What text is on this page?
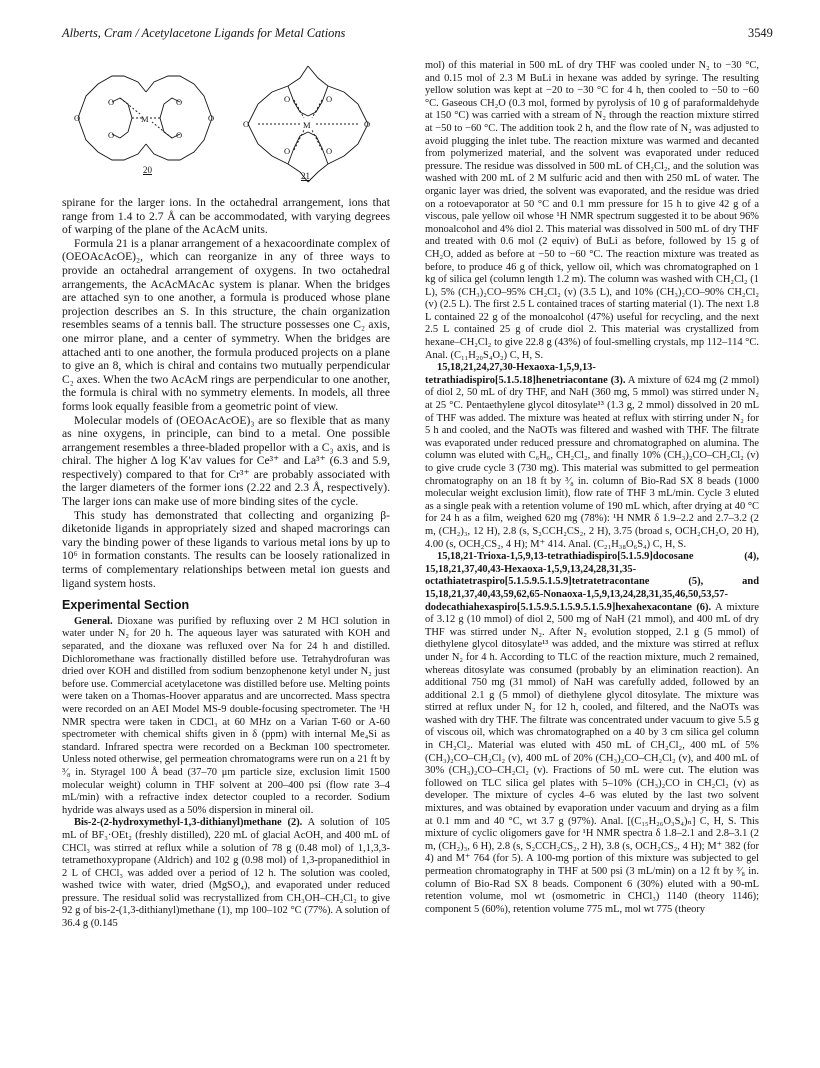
Alberts, Cram / Acetylacetone Ligands for Metal Cations	3549
O	O
O	O
O	O
M	O	O
O	O
O	O
M
20
21

spirane for the larger ions. In the octahedral arrangement, ions that range from 1.4 to 2.7 Å can be accommodated, with varying degrees of warping of the plane of the AcAcM units.

Formula 21 is a planar arrangement of a hexacoordinate complex of (OEOAcAcOE)₂, which can reorganize in any of three ways to provide an octahedral arrangement of oxygens. In two octahedral arrangements, the AcAcMAcAc system is planar. When the bridges are attached syn to one another, a formula is produced whose plane projection describes an S. In this structure, the chain organization resembles seams of a tennis ball. The structure possesses one C₂ axis, one mirror plane, and a center of symmetry. When the bridges are attached anti to one another, the formula produced projects on a plane to give an 8, which is chiral and contains two mutually perpendicular C₂ axes. When the two AcAcM rings are perpendicular to one another, the formula is chiral with no symmetry elements. In models, all three forms look equally feasible from a geometric point of view.

Molecular models of (OEOAcAcOE)₃ are so flexible that as many as nine oxygens, in principle, can bind to a metal. One possible arrangement resembles a three-bladed propellor with a C₃ axis, and is chiral. The higher Δ log K′av values for Ce³⁺ and La³⁺ (6.3 and 5.9, respectively) compared to that for Cr³⁺ are probably associated with the larger diameters of the former ions (2.22 and 2.3 Å, respectively). The larger ions can make use of more binding sites of the cycle.

This study has demonstrated that collecting and organizing β-diketonide ligands in appropriately sized and shaped macrorings can vary the binding power of these ligands to various metal ions by up to 10⁶ in formation constants. The results can be loosely rationalized in terms of complementary relationships between metal ion guests and ligand system hosts.

Experimental Section

General. Dioxane was purified by refluxing over 2 M HCl solution in water under N₂ for 20 h. The aqueous layer was saturated with KOH and separated, and the dioxane was refluxed over Na for 24 h and distilled. Dichloromethane was fractionally distilled before use. Tetrahydrofuran was dried over KOH and distilled from sodium benzophenone ketyl under N₂ just before use. Commercial acetylacetone was distilled before use. Melting points were taken on a Thomas-Hoover apparatus and are uncorrected. Mass spectra were recorded on an AEI Model MS-9 double-focusing spectrometer. The ¹H NMR spectra were taken in CDCl₃ at 60 MHz on a Varian T-60 or A-60 spectrometer with chemical shifts given in δ (ppm) with internal Me₄Si as standard. Infrared spectra were recorded on a Beckman 100 spectrometer. Unless noted otherwise, gel permeation chromatograms were run on a 21 ft by ³⁄₈ in. Styragel 100 Å bead (37–70 μm particle size, exclusion limit 1500 molecular weight) column in THF solvent at 200–400 psi (flow rate 3–4 mL/min) with a refractive index detector coupled to a recorder. Sodium hydride was always used as a 50% dispersion in mineral oil.

Bis-2-(2-hydroxymethyl-1,3-dithianyl)methane (2). A solution of 105 mL of BF₃·OEt₂ (freshly distilled), 220 mL of glacial AcOH, and 400 mL of CHCl₃ was stirred at reflux while a solution of 78 g (0.48 mol) of 1,1,3,3-tetramethoxypropane (Aldrich) and 102 g (0.98 mol) of 1,3-propanedithiol in 2 L of CHCl₃ was added over a period of 12 h. The solution was cooled, washed twice with water, dried (MgSO₄), and evaporated under reduced pressure. The residual solid was recrystallized from CH₃OH–CH₂Cl₂ to give 92 g of bis-2-(1,3-dithianyl)methane (1), mp 100–102 °C (77%). A solution of 36.4 g (0.145

mol) of this material in 500 mL of dry THF was cooled under N₂ to −30 °C, and 0.15 mol of 2.3 M BuLi in hexane was added by syringe. The resulting yellow solution was kept at −20 to −30 °C for 4 h, then cooled to −50 to −60 °C. Gaseous CH₂O (0.3 mol, formed by pyrolysis of 10 g of paraformaldehyde at 150 °C) was carried with a stream of N₂ through the reaction mixture stirred at −50 to −60 °C. The addition took 2 h, and the flow rate of N₂ was adjusted to avoid plugging the inlet tube. The reaction mixture was warmed and decanted from polymerized material, and the solvent was evaporated under reduced pressure. The residue was dissolved in 500 mL of CH₂Cl₂, and the solution was washed with 200 mL of 2 M sulfuric acid and then with 250 mL of water. The organic layer was dried, the solvent was evaporated, and the residue was dried on a rotoevaporator at 50 °C and 0.1 mm pressure for 15 h to give 42 g of a viscous, pale yellow oil whose ¹H NMR spectrum suggested it to be about 96% monoalcohol and 4% diol 2. This material was dissolved in 500 mL of dry THF and treated with 0.6 mol (2 equiv) of BuLi as before, followed by 15 g of CH₂O, added as before at −50 to −60 °C. The reaction mixture was treated as before, to produce 46 g of thick, yellow oil, which was chromatographed on 1 kg of silica gel (column length 1.2 m). The column was washed with CH₂Cl₂ (1 L), 5% (CH₃)₂CO–95% CH₂Cl₂ (v) (3.5 L), and 10% (CH₃)₂CO–90% CH₂Cl₂ (v) (2.5 L). The first 2.5 L contained traces of starting material (1). The next 1.8 L contained 22 g of the monoalcohol (47%) useful for recycling, and the next 2.5 L contained 25 g of crude diol 2. This material was crystallized from hexane–CH₂Cl₂ to give 22.8 g (43%) of foul-smelling crystals, mp 112–114 °C. Anal. (C₁₁H₂₀S₄O₂) C, H, S.

15,18,21,24,27,30-Hexaoxa-1,5,9,13-tetrathiadispiro[5.1.5.18]henetriacontane (3). A mixture of 624 mg (2 mmol) of diol 2, 50 mL of dry THF, and NaH (360 mg, 5 mmol) was stirred under N₂ at 25 °C. Pentaethylene glycol ditosylate¹³ (1.3 g, 2 mmol) dissolved in 20 mL of THF was added. The mixture was heated at reflux with stirring under N₂ for 5 h and cooled, and the NaOTs was filtered and washed with THF. The filtrate was evaporated under reduced pressure and chromatographed on alumina. The column was eluted with C₆H₆, CH₂Cl₂, and finally 10% (CH₃)₂CO–CH₂Cl₂ (v) to give crude cycle 3 (730 mg). This material was submitted to gel permeation chromatography on an 18 ft by ³⁄₈ in. column of Bio-Rad SX 8 beads (1000 molecular weight exclusion limit), flow rate of THF 3 mL/min. Cycle 3 eluted as a single peak with a retention volume of 190 mL which, after drying at 40 °C for 24 h as a film, weighed 620 mg (78%): ¹H NMR δ 1.9–2.2 and 2.7–3.2 (2 m, (CH₂)₃, 12 H), 2.8 (s, S₂CCH₂CS₂, 2 H), 3.75 (broad s, OCH₂CH₂O, 20 H), 4.00 (s, OCH₂CS₂, 4 H); M⁺ 414. Anal. (C₂₁H₃₈O₆S₄) C, H, S.

15,18,21-Trioxa-1,5,9,13-tetrathiadispiro[5.1.5.9]docosane (4), 15,18,21,37,40,43-Hexaoxa-1,5,9,13,24,28,31,35-octathiatetraspiro[5.1.5.9.5.1.5.9]tetratetracontane (5), and 15,18,21,37,40,43,59,62,65-Nonaoxa-1,5,9,13,24,28,31,35,46,50,53,57-dodecathiahexaspiro[5.1.5.9.5.1.5.9.5.1.5.9]hexahexacontane (6). A mixture of 3.12 g (10 mmol) of diol 2, 500 mg of NaH (21 mmol), and 400 mL of dry THF was stirred under N₂. After N₂ evolution stopped, 2.1 g (5 mmol) of diethylene glycol ditosylate¹³ was added, and the mixture was stirred at reflux under N₂ for 4 h. According to TLC of the reaction mixture, much 2 remained, whereas ditosylate was consumed (probably by an elimination reaction). An additional 750 mg (31 mmol) of NaH was carefully added, followed by an additional 2.1 g (5 mmol) of diethylene glycol ditosylate. The mixture was stirred at reflux under N₂ for 12 h, cooled, and filtered, and the NaOTs was washed with dry THF. The filtrate was concentrated under vacuum to give 5.5 g of viscous oil, which was chromatographed on a 40 by 3 cm silica gel column in CH₂Cl₂. Material was eluted with 450 mL of CH₂Cl₂, 400 mL of 5% (CH₃)₂CO–CH₂Cl₂ (v), 400 mL of 20% (CH₃)₂CO–CH₂Cl₂ (v), and 400 mL of 30% (CH₃)₂CO–CH₂Cl₂ (v). Fractions of 50 mL were cut. The elution was followed on TLC silica gel plates with 5–10% (CH₃)₂CO in CH₂Cl₂ (v) as developer. The mixture of cycles 4–6 was eluted by the last two solvent mixtures, and was obtained by evaporation under vacuum and drying as a film at 0.1 mm and 40 °C, wt 3.7 g (97%). Anal. [(C₁₅H₂₆O₃S₄)ₙ] C, H, S. This mixture of cyclic oligomers gave for ¹H NMR spectra δ 1.8–2.1 and 2.8–3.1 (2 m, (CH₂)₃, 6 H), 2.8 (s, S₂CCH₂CS₂, 2 H), 3.8 (s, OCH₂CS₂, 4 H); M⁺ 382 (for 4) and M⁺ 764 (for 5). A 100-mg portion of this mixture was subjected to gel permeation chromatography in THF at 500 psi (3 mL/min) on a 12 ft by ³⁄₈ in. column of Bio-Rad SX 8 beads. Component 6 (30%) eluted with a 90-mL retention volume, mol wt (osmometric in CHCl₃) 1140 (theory 1146); component 5 (60%), retention volume 775 mL, mol wt 775 (theory
